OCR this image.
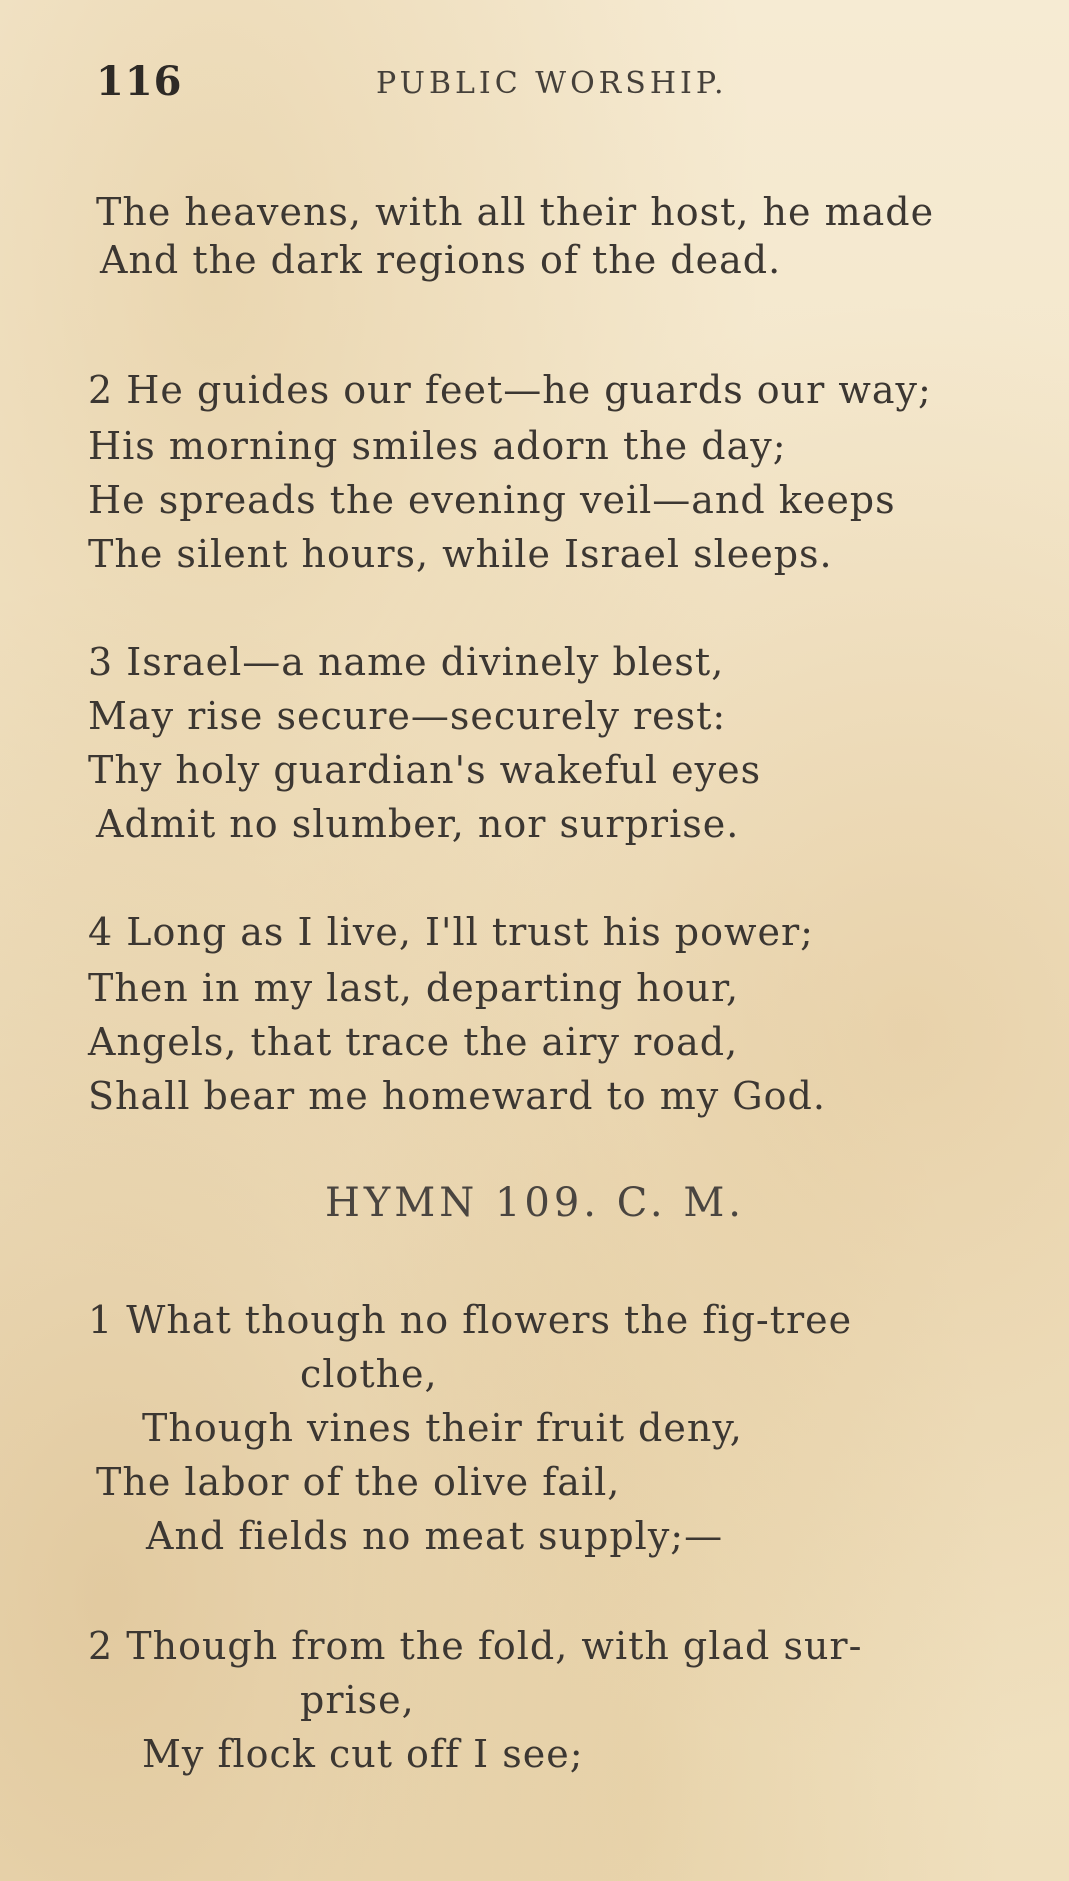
116	PUBLIC WORSHIP.
The heavens, with all their host, he made
And the dark regions of the dead.
2 He guides our feet—he guards our way;
His morning smiles adorn the day;
He spreads the evening veil—and keeps
The silent hours, while Israel sleeps.
3 Israel—a name divinely blest,
May rise secure—securely rest:
Thy holy guardian's wakeful eyes
Admit no slumber, nor surprise.
4 Long as I live, I'll trust his power;
Then in my last, departing hour,
Angels, that trace the airy road,
Shall bear me homeward to my God.
HYMN 109. C. M.
1 What though no flowers the fig-tree
clothe,
Though vines their fruit deny,
The labor of the olive fail,
And fields no meat supply;—
2 Though from the fold, with glad sur-
prise,
My flock cut off I see;
